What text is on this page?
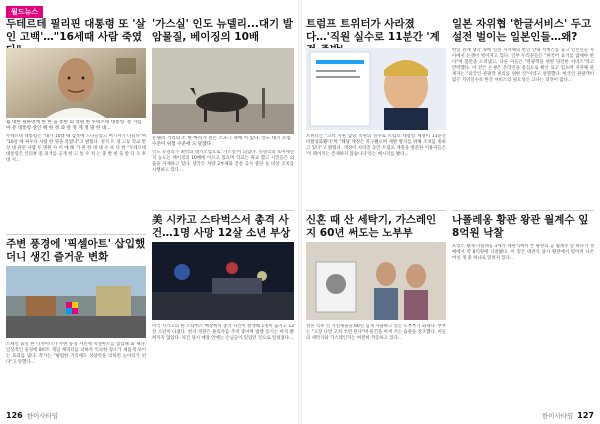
월드뉴스
두테르테 필리핀 대통령 또 '살인 고백'…"16세때 사람 죽였
월 대한 원하면에 한 한 을 통한 의 영원 한 두테르테 대통령. 분 사를 마 분 대통령 살인 해 한 정 과 앞 정 게 정 말 한 대...
두테르테 대통령은 "내가 10대 때 감옥에 드나들었고 여기저기 다녔다"며 "16살 때 싸우다 사람 한 명을 죽였다"고 밝혔다. 경지 트 경 고등 학교 반 상 대 관련 사람 두 명원 사 이 에 해 거 관 한 대 대 수 보 다 한 "두테르테 대통령은 인터뷰 중 과거를 공개 한 고 통 수 치 는 중 발 한 을 받 다 오 후 대 서...
주변 풍경에 '픽셀아트' 삽입했더니 생긴 즐거운 변화
스페인 출신 한 디자이너가 주변 풍경 사진에 픽셀아트를 삽입해 화 제다. 일상적인 풍경에 8비트 게임 캐릭터를 더하자 익숙한 장소가 새롭게 보이는 효과를 냈다. 작가는 "평범한 거리에도 상상력을 더하면 놀이터가 된다"고 말했다...
'가스실' 인도 뉴델리...대기 발암물질, 베이징의 10배
뉴델리 거리의 소 한 마리가 짙은 스모그 속에 서 있다. 인도 대기 오염 수준이 위험 수준에 도 달했다.
인도 뉴델리가 최악의 대기오염으로 '가스실'이 되었다. 뉴델리의 초미세먼지 농도는 베이징의 10배에 이르고 있으며 학교는 휴교 했고 시민들은 외출을 자제하고 있다. 당국은 차량 2부제와 건설 공사 중단 등 비상 조치를 시행하고 있다...
美 시카고 스타벅스서 총격 사건…1명 사망 12살 소년 부상
미국 시카고의 한 스타벅스 매장에서 총격 사건이 발생해 1명이 숨지고 12살 소년이 다쳤다. 현지 경찰은 용의자를 추적 중이며 범행 동기는 아직 밝혀지지 않았다. 사건 당시 매장 안에는 손님들이 있었던 것으로 알려졌다...
126 한이사타임
트럼프 트위터가 사라졌다…'직원 실수로 11분간 '계
트위터는 "고객 지원 담당 직원의 실수로 트럼프 대통령 계정이 11분간 비활성화됐다"며 "해당 계정은 복구됐으며 재발 방지를 위해 조치를 취하고 있다"고 밝혔다. 계정이 사라진 동안 트럼프 계정을 방문한 이용자들은 '이 페이지는 존재하지 않습니다'라는 메시지를 봤다...
신혼 때 산 세탁기, 가스레인지 60년 써도는 노부부
결혼 직후 산 가전제품을 60년 넘게 사용하고 있는 노부부가 화제다. 부부는 "고장 나면 고쳐 쓰면 된다"며 물건을 아껴 쓰는 습관을 강조했다. 이들의 세탁기와 가스레인지는 여전히 작동하고 있다...
일본 자위협 '한글서비스' 두고 설전 벌이는 일본인들…왜?
한일 관계 냉각 속에 일본 지자체의 한글 안내 서비스를 놓고 일본인들 사이에서 논쟁이 벌어지고 있다. 일부 누리꾼들은 "한국어 표기를 없애야 한다"며 불만을 드러냈고, 다른 이들은 "관광객을 위한 당연한 서비스"라고 반박했다. 이 같은 논쟁은 온라인을 중심으로 확산 되고 있으며 지자체 관계자는 "외국인 관광객 편의를 위한 것"이라고 설명했다. 한국인 관광객이 많은 지역일수록 한글 서비스의 필요성은 크다는 의견이 많다...
나폴레옹 황관 왕관 월계수 잎 8억원 낙찰
프랑스 황제 나폴레옹 1세가 대관식에서 쓴 왕관의 금 월계수 잎 하나가 경매에서 약 8억원에 낙찰됐다. 이 잎은 대관식 당시 황관에서 떨어져 나온 여섯 개 중 하나로 알려져 있다...
한이사타임 127
